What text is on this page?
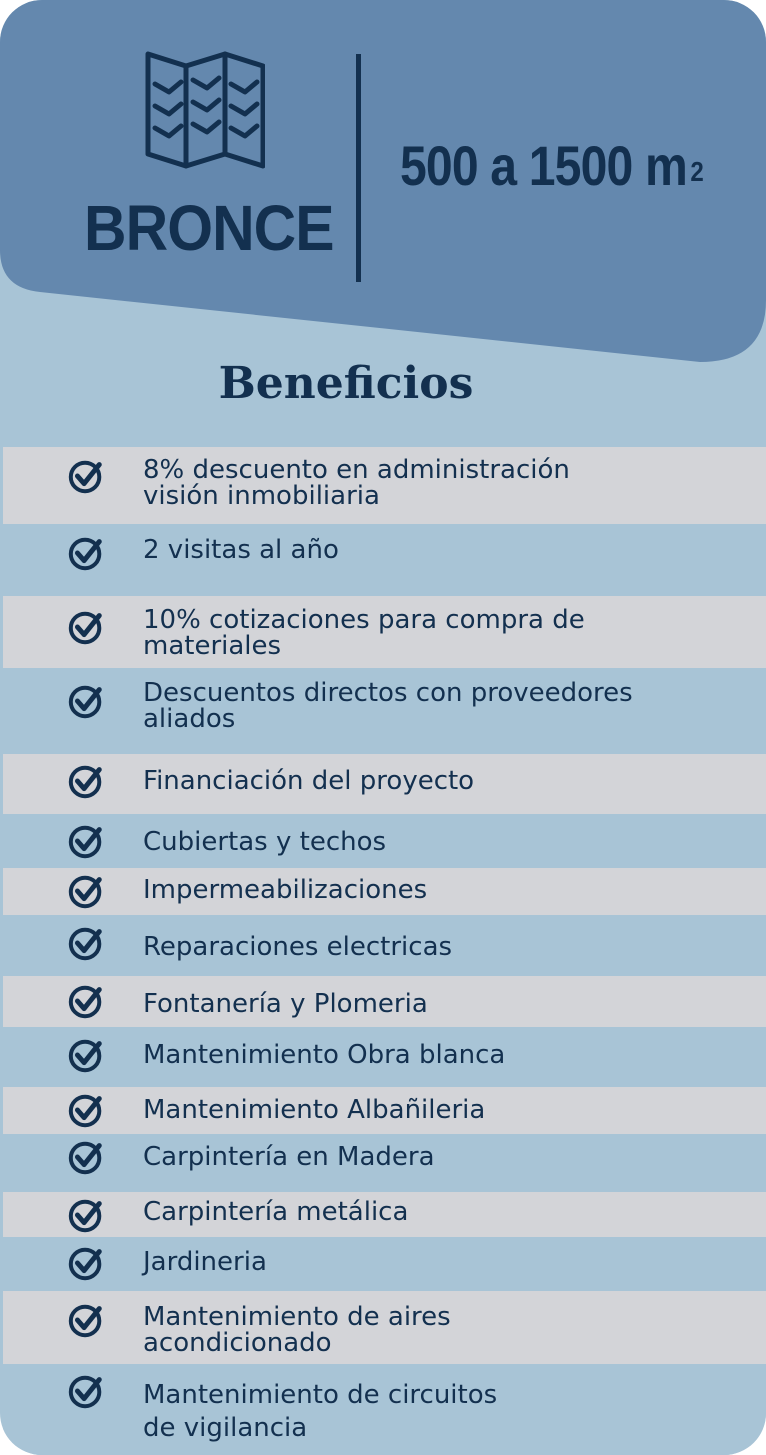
BRONCE
500 a 1500 m $^2$
Beneficios
8% descuento en administración
visión inmobiliaria
2 visitas al año
10% cotizaciones para compra de
materiales
Descuentos directos con proveedores
aliados
Financiación del proyecto
Cubiertas y techos
Impermeabilizaciones
Reparaciones electricas
Fontanería y Plomeria
Mantenimiento Obra blanca
Mantenimiento Albañileria
Carpintería en Madera
Carpintería metálica
Jardineria
Mantenimiento de aires
acondicionado
Mantenimiento de circuitos
de vigilancia
